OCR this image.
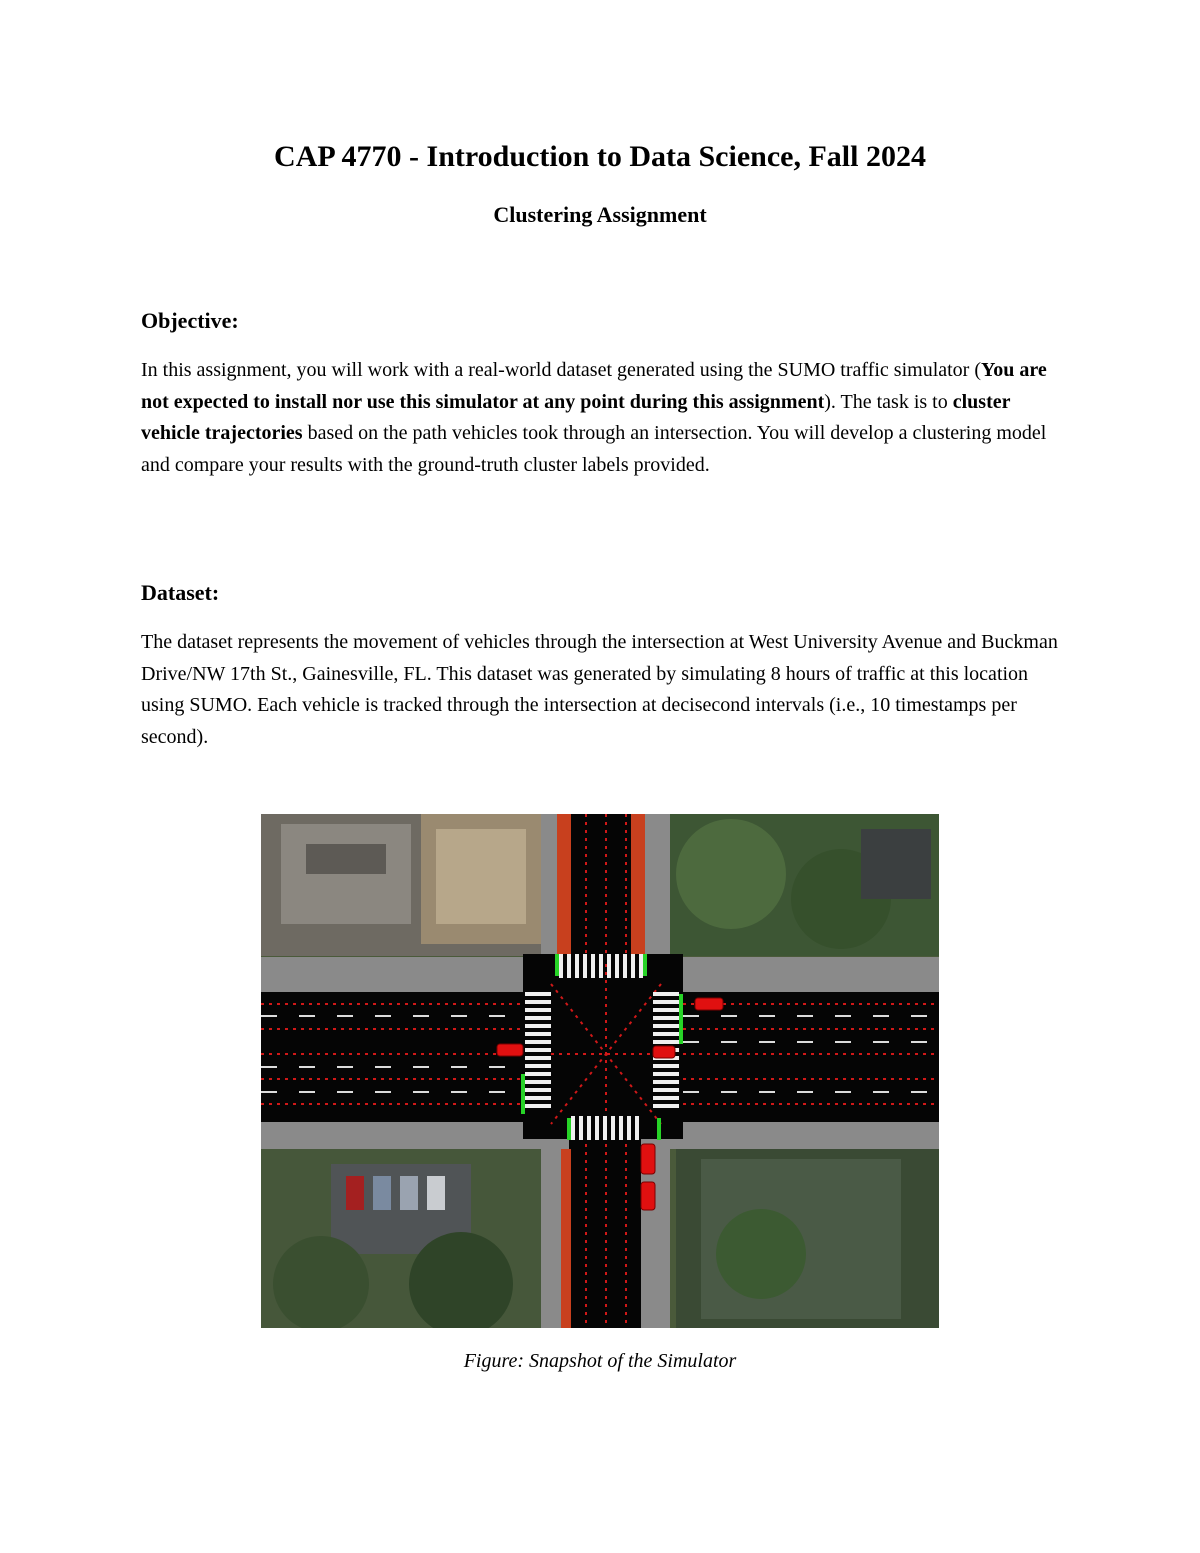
CAP 4770 - Introduction to Data Science, Fall 2024
Clustering Assignment
Objective:
In this assignment, you will work with a real-world dataset generated using the SUMO traffic simulator (You are not expected to install nor use this simulator at any point during this assignment). The task is to cluster vehicle trajectories based on the path vehicles took through an intersection. You will develop a clustering model and compare your results with the ground-truth cluster labels provided.
Dataset:
The dataset represents the movement of vehicles through the intersection at West University Avenue and Buckman Drive/NW 17th St., Gainesville, FL. This dataset was generated by simulating 8 hours of traffic at this location using SUMO. Each vehicle is tracked through the intersection at decisecond intervals (i.e., 10 timestamps per second).
Figure: Snapshot of the Simulator
